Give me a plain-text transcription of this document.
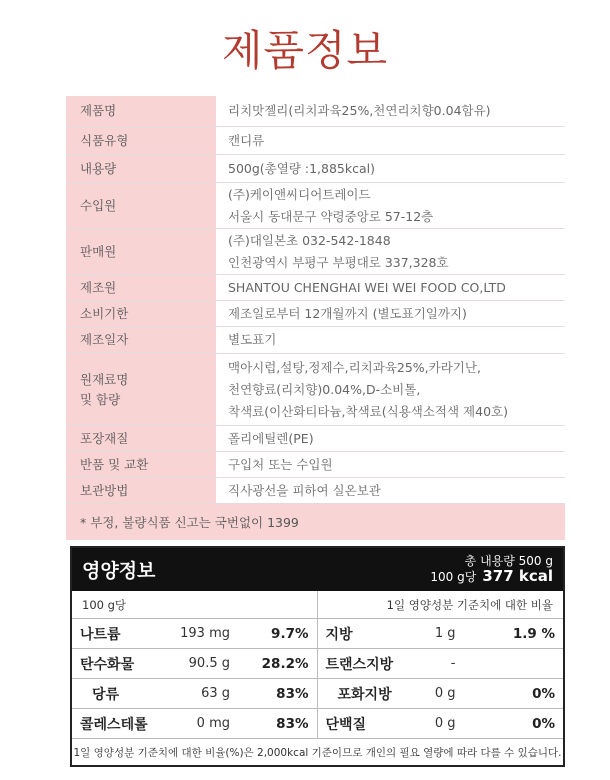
제품정보
제품명	리치맛젤리(리치과육25%,천연리치향0.04함유)
식품유형	캔디류
내용량	500g(총열량 :1,885kcal)
수입원
(주)케이앤씨디어트레이드
서울시 동대문구 약령중앙로 57-12층
판매원
(주)대일본초 032-542-1848
인천광역시 부평구 부평대로 337,328호
제조원	SHANTOU CHENGHAI WEI WEI FOOD CO,LTD
소비기한	제조일로부터 12개월까지 (별도표기일까지)
제조일자	별도표기
원재료명
및 함량
맥아시럽,설탕,정제수,리치과육25%,카라기난,
천연향료(리치향)0.04%,D-소비톨,
착색료(이산화티타늄,착색료(식용색소적색 제40호)
포장재질	폴리에틸렌(PE)
반품 및 교환	구입처 또는 수입원
보관방법	직사광선을 피하여 실온보관
* 부정, 불량식품 신고는 국번없이 1399
영양정보	총 내용량 500 g
100 g당 377 kcal
100 g당	1일 영양성분 기준치에 대한 비율
나트륨	193 mg	9.7% 지방	1 g	1.9 %
탄수화물	90.5 g	28.2% 트랜스지방	-
당류	63 g	83%	포화지방	0 g	0%
콜레스테롤	0 mg	83% 단백질	0 g	0%
1일 영양성분 기준치에 대한 비율(%)은 2,000kcal 기준이므로 개인의 필요 열량에 따라 다를 수 있습니다.
